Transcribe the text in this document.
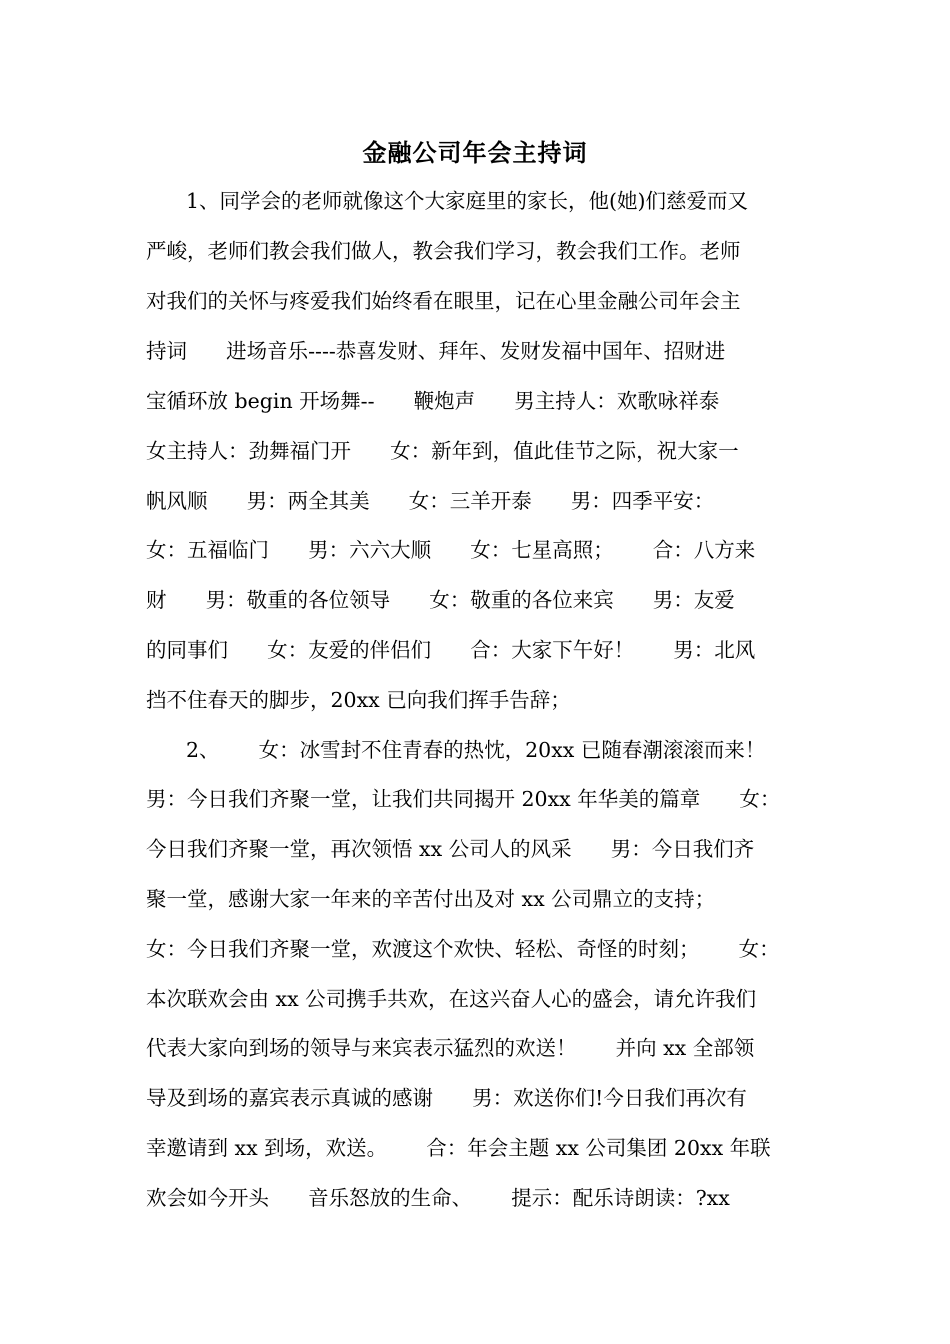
金融公司年会主持词
1、同学会的老师就像这个大家庭里的家长，他(她)们慈爱而又
严峻，老师们教会我们做人，教会我们学习，教会我们工作。老师
对我们的关怀与疼爱我们始终看在眼里，记在心里金融公司年会主
持词      进场音乐----恭喜发财、拜年、发财发福中国年、招财进
宝循环放 begin 开场舞--      鞭炮声      男主持人：欢歌咏祥泰
女主持人：劲舞福门开      女：新年到，值此佳节之际，祝大家一
帆风顺      男：两全其美      女：三羊开泰      男：四季平安：
女：五福临门      男：六六大顺      女：七星高照；      合：八方来
财      男：敬重的各位领导      女：敬重的各位来宾      男：友爱
的同事们      女：友爱的伴侣们      合：大家下午好！      男：北风
挡不住春天的脚步，20xx 已向我们挥手告辞；
2、      女：冰雪封不住青春的热忱，20xx 已随春潮滚滚而来！
男：今日我们齐聚一堂，让我们共同揭开 20xx 年华美的篇章      女：
今日我们齐聚一堂，再次领悟 xx 公司人的风采      男：今日我们齐
聚一堂，感谢大家一年来的辛苦付出及对 xx 公司鼎立的支持；
女：今日我们齐聚一堂，欢渡这个欢快、轻松、奇怪的时刻；      女：
本次联欢会由 xx 公司携手共欢，在这兴奋人心的盛会，请允许我们
代表大家向到场的领导与来宾表示猛烈的欢送！      并向 xx 全部领
导及到场的嘉宾表示真诚的感谢      男：欢送你们!今日我们再次有
幸邀请到 xx 到场，欢送。      合：年会主题 xx 公司集团 20xx 年联
欢会如今开头      音乐怒放的生命、      提示：配乐诗朗读：?xx
